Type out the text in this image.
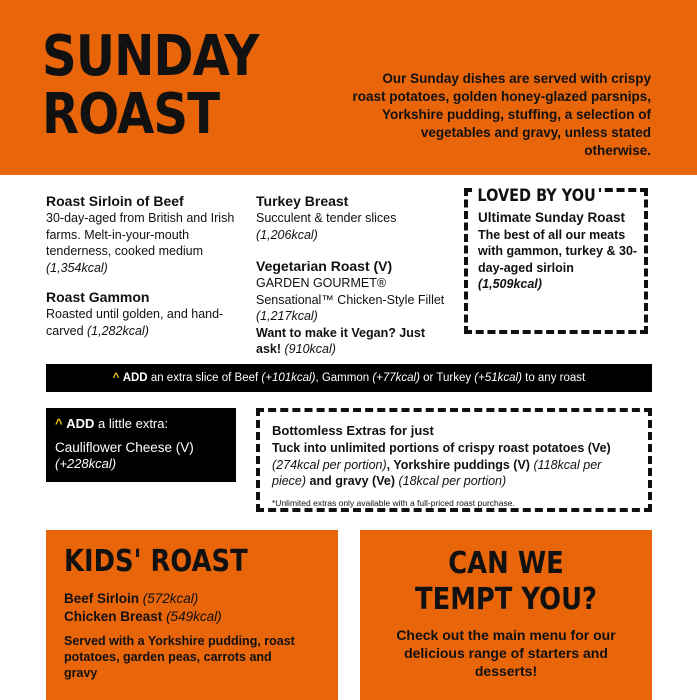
SUNDAY
ROAST
Our Sunday dishes are served with crispy roast potatoes, golden honey-glazed parsnips, Yorkshire pudding, stuffing, a selection of vegetables and gravy, unless stated otherwise.
Roast Sirloin of Beef
30-day-aged from British and Irish farms. Melt-in-your-mouth tenderness, cooked medium (1,354kcal)
Roast Gammon
Roasted until golden, and hand-carved (1,282kcal)
Turkey Breast
Succulent & tender slices
(1,206kcal)
Vegetarian Roast (V)
GARDEN GOURMET® Sensational™ Chicken-Style Fillet (1,217kcal)
Want to make it Vegan? Just ask! (910kcal)
LOVED BY YOU
Ultimate Sunday Roast
The best of all our meats with gammon, turkey & 30-day-aged sirloin (1,509kcal)
^ ADD an extra slice of Beef (+101kcal), Gammon (+77kcal) or Turkey (+51kcal) to any roast
^ ADD a little extra:
Cauliflower Cheese (V)
(+228kcal)
Bottomless Extras for just
Tuck into unlimited portions of crispy roast potatoes (Ve) (274kcal per portion), Yorkshire puddings (V) (118kcal per piece) and gravy (Ve) (18kcal per portion)
*Unlimited extras only available with a full-priced roast purchase.
KIDS' ROAST
Beef Sirloin (572kcal)
Chicken Breast (549kcal)
Served with a Yorkshire pudding, roast potatoes, garden peas, carrots and gravy
CAN WE
TEMPT YOU?
Check out the main menu for our delicious range of starters and desserts!
